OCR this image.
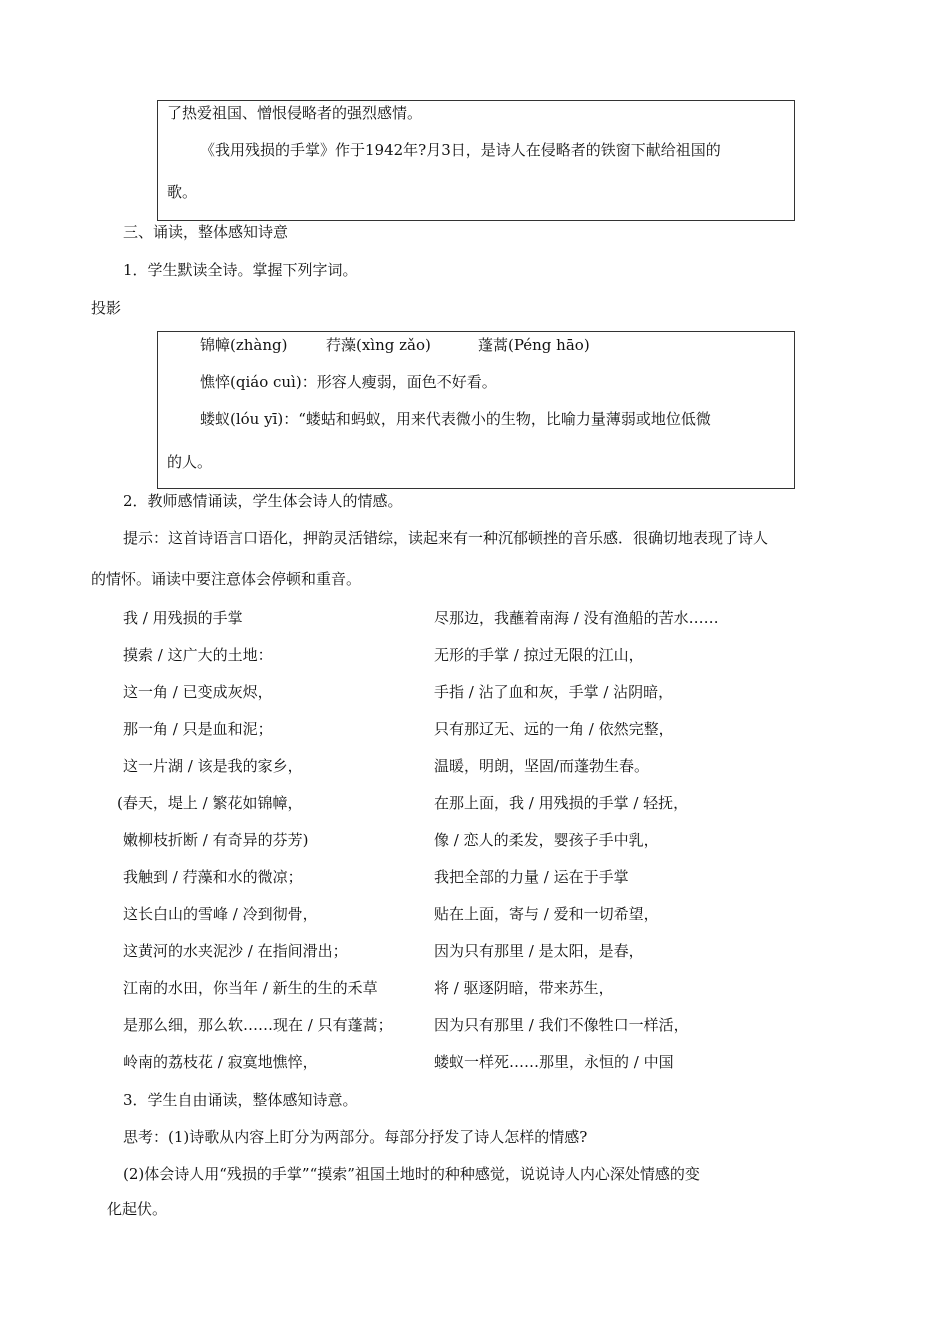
了热爱祖国、憎恨侵略者的强烈感情。
《我用残损的手掌》作于1942年?月3日，是诗人在侵略者的铁窗下献给祖国的
歌。
三、诵读，整体感知诗意
1．学生默读全诗。掌握下列字词。
投影
锦幛(zhàng)	荇藻(xìng zǎo)	蓬蒿(Péng hāo)
憔悴(qiáo cuì)：形容人瘦弱，面色不好看。
蝼蚁(lóu yī)：“蝼蛄和蚂蚁，用来代表微小的生物，比喻力量薄弱或地位低微
的人。
2．教师感情诵读，学生体会诗人的情感。
提示：这首诗语言口语化，押韵灵活错综，读起来有一种沉郁顿挫的音乐感．很确切地表现了诗人
的情怀。诵读中要注意体会停顿和重音。
我 / 用残损的手掌
摸索 / 这广大的土地：
这一角 / 已变成灰烬，
那一角 / 只是血和泥；
这一片湖 / 该是我的家乡，
(春天，堤上 / 繁花如锦幛，
嫩柳枝折断 / 有奇异的芬芳)
我触到 / 荇藻和水的微凉；
这长白山的雪峰 / 冷到彻骨，
这黄河的水夹泥沙 / 在指间滑出；
江南的水田，你当年 / 新生的生的禾草
是那么细，那么软……现在 / 只有蓬蒿；
岭南的荔枝花 / 寂寞地憔悴，
尽那边，我蘸着南海 / 没有渔船的苦水……
无形的手掌 / 掠过无限的江山，
手指 / 沾了血和灰，手掌 / 沾阴暗，
只有那辽无、远的一角 / 依然完整，
温暖，明朗，坚固/而蓬勃生春。
在那上面，我 / 用残损的手掌 / 轻抚，
像 / 恋人的柔发，婴孩子手中乳，
我把全部的力量 / 运在于手掌
贴在上面，寄与 / 爱和一切希望，
因为只有那里 / 是太阳，是春，
将 / 驱逐阴暗，带来苏生，
因为只有那里 / 我们不像牲口一样活，
蝼蚁一样死……那里，永恒的 / 中国
3．学生自由诵读，整体感知诗意。
思考：(1)诗歌从内容上盯分为两部分。每部分抒发了诗人怎样的情感?
(2)体会诗人用“残损的手掌”“摸索”祖国土地时的种种感觉，说说诗人内心深处情感的变
化起伏。
